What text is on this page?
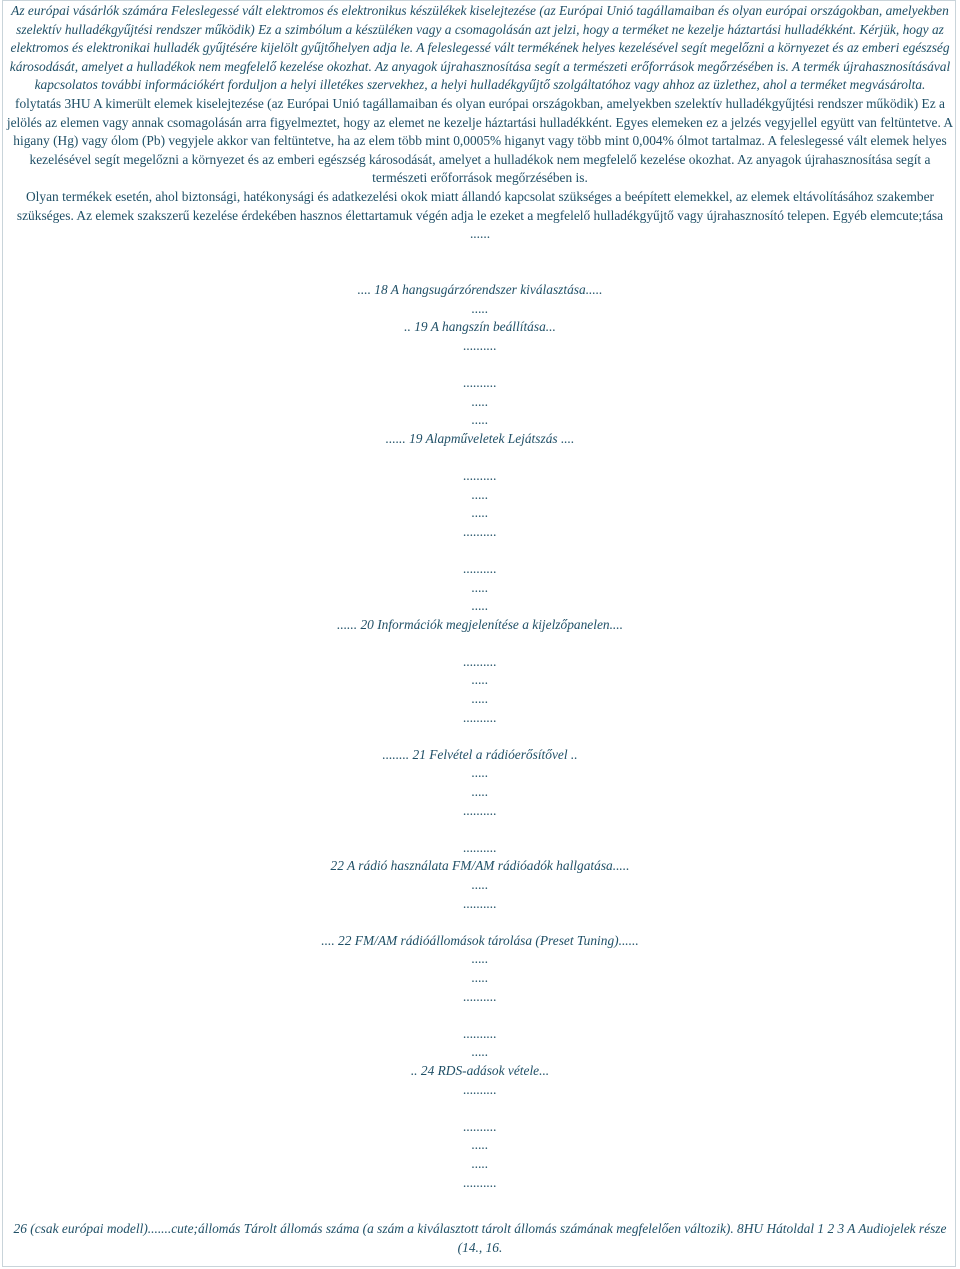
Az európai vásárlók számára Feleslegessé vált elektromos és elektronikus készülékek kiselejtezése (az Európai Unió tagállamaiban és olyan európai országokban, amelyekben szelektív hulladékgyűjtési rendszer működik) Ez a szimbólum a készüléken vagy a csomagolásán azt jelzi, hogy a terméket ne kezelje háztartási hulladékként. Kérjük, hogy az elektromos és elektronikai hulladék gyűjtésére kijelölt gyűjtőhelyen adja le. A feleslegessé vált termékének helyes kezelésével segít megelőzni a környezet és az emberi egészség károsodását, amelyet a hulladékok nem megfelelő kezelése okozhat. Az anyagok újrahasznosítása segít a természeti erőforrások megőrzésében is. A termék újrahasznosításával kapcsolatos további információkért forduljon a helyi illetékes szervekhez, a helyi hulladékgyűjtő szolgáltatóhoz vagy ahhoz az üzlethez, ahol a terméket megvásárolta.

folytatás 3HU A kimerült elemek kiselejtezése (az Európai Unió tagállamaiban és olyan európai országokban, amelyekben szelektív hulladékgyűjtési rendszer működik) Ez a jelölés az elemen vagy annak csomagolásán arra figyelmeztet, hogy az elemet ne kezelje háztartási hulladékként. Egyes elemeken ez a jelzés vegyjellel együtt van feltüntetve. A higany (Hg) vagy ólom (Pb) vegyjele akkor van feltüntetve, ha az elem több mint 0,0005% higanyt vagy több mint 0,004% ólmot tartalmaz. A feleslegessé vált elemek helyes kezelésével segít megelőzni a környezet és az emberi egészség károsodását, amelyet a hulladékok nem megfelelő kezelése okozhat. Az anyagok újrahasznosítása segít a természeti erőforrások megőrzésében is.

Olyan termékek esetén, ahol biztonsági, hatékonysági és adatkezelési okok miatt állandó kapcsolat szükséges a beépített elemekkel, az elemek eltávolításához szakember szükséges. Az elemek szakszerű kezelése érdekében hasznos élettartamuk végén adja le ezeket a megfelelő hulladékgyűjtő vagy újrahasznosító telepen. Egyéb elemcute;tása ......

.... 18 A hangsugárzórendszer kiválasztása.....
.....
.. 19 A hangszín beállítása...
..........
..........
.....
.....
...... 19 Alapműveletek Lejátszás ....
..........
.....
.....
..........
..........
.....
.....
...... 20 Információk megjelenítése a kijelzőpanelen....
..........
.....
.....
..........
........ 21 Felvétel a rádióerősítővel ..
.....
.....
..........
..........
22 A rádió használata FM/AM rádióadók hallgatása.....
.....
..........
.... 22 FM/AM rádióállomások tárolása (Preset Tuning)......
.....
.....
..........
..........
.....
.. 24 RDS-adások vétele...
..........
..........
.....
.....
..........

26 (csak európai modell).......cute;állomás Tárolt állomás száma (a szám a kiválasztott tárolt állomás számának megfelelően változik). 8HU Hátoldal 1 2 3 A Audiojelek része (14., 16.
